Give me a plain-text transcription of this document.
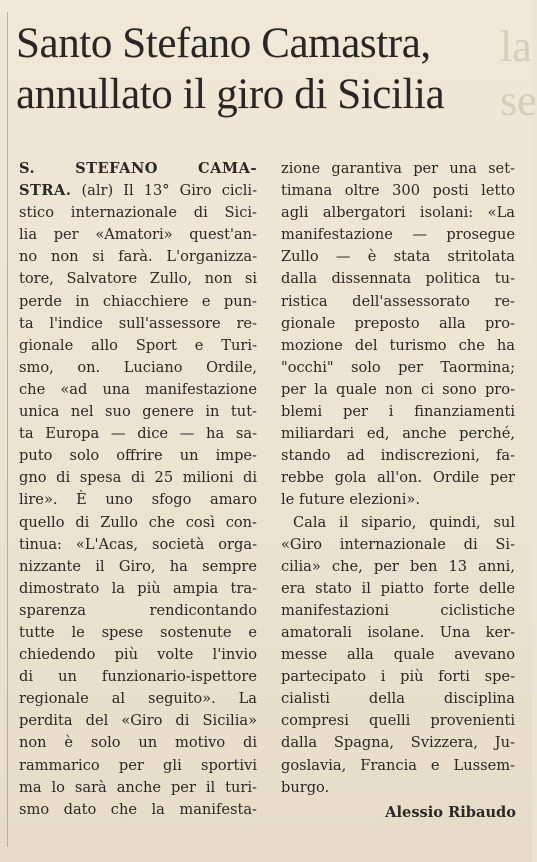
la
se
Santo Stefano Camastra,
annullato il giro di Sicilia
S. STEFANO CAMA-
STRA. (alr) Il 13° Giro cicli-
stico internazionale di Sici-
lia per «Amatori» quest'an-
no non si farà. L'organizza-
tore, Salvatore Zullo, non si
perde in chiacchiere e pun-
ta l'indice sull'assessore re-
gionale allo Sport e Turi-
smo, on. Luciano Ordile,
che «ad una manifestazione
unica nel suo genere in tut-
ta Europa — dice — ha sa-
puto solo offrire un impe-
gno di spesa di 25 milioni di
lire». È uno sfogo amaro
quello di Zullo che così con-
tinua: «L'Acas, società orga-
nizzante il Giro, ha sempre
dimostrato la più ampia tra-
sparenza rendicontando
tutte le spese sostenute e
chiedendo più volte l'invio
di un funzionario-ispettore
regionale al seguito». La
perdita del «Giro di Sicilia»
non è solo un motivo di
rammarico per gli sportivi
ma lo sarà anche per il turi-
smo dato che la manifesta-
zione garantiva per una set-
timana oltre 300 posti letto
agli albergatori isolani: «La
manifestazione — prosegue
Zullo — è stata stritolata
dalla dissennata politica tu-
ristica dell'assessorato re-
gionale preposto alla pro-
mozione del turismo che ha
"occhi" solo per Taormina;
per la quale non ci sono pro-
blemi per i finanziamenti
miliardari ed, anche perché,
stando ad indiscrezioni, fa-
rebbe gola all'on. Ordile per
le future elezioni».
Cala il sipario, quindi, sul
«Giro internazionale di Si-
cilia» che, per ben 13 anni,
era stato il piatto forte delle
manifestazioni ciclistiche
amatorali isolane. Una ker-
messe alla quale avevano
partecipato i più forti spe-
cialisti della disciplina
compresi quelli provenienti
dalla Spagna, Svizzera, Ju-
goslavia, Francia e Lussem-
burgo.
Alessio Ribaudo
